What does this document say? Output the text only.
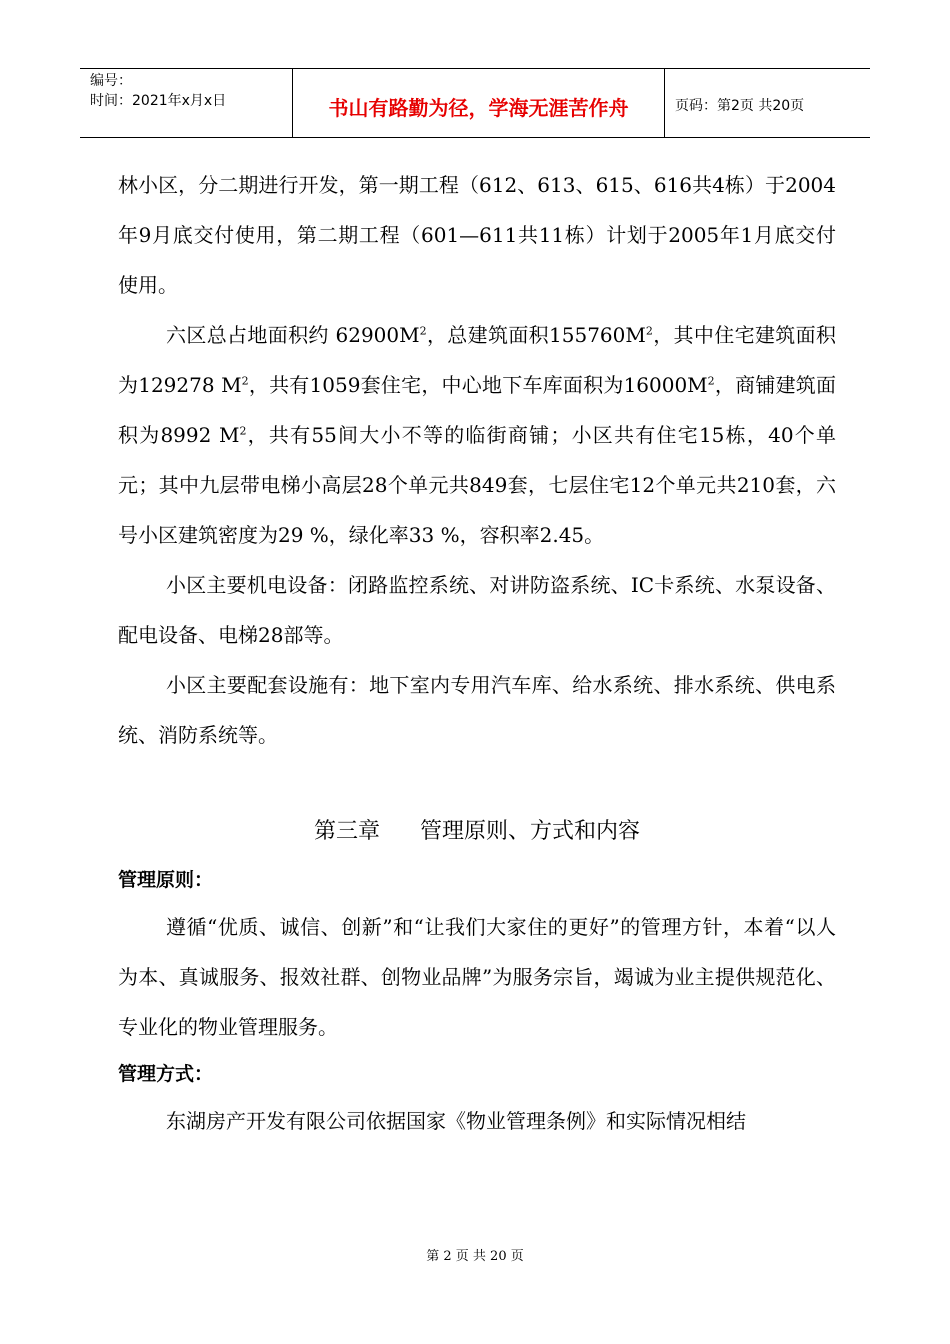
编号：
时间：2021年x月x日	书山有路勤为径，学海无涯苦作舟	页码：第2页 共20页

林小区，分二期进行开发，第一期工程（612、613、615、616共4栋）于2004年9月底交付使用，第二期工程（601—611共11栋）计划于2005年1月底交付使用。

六区总占地面积约 $62900M^2$，总建筑面积$155760M^2$，其中住宅建筑面积为129278 $M^2$，共有1059套住宅，中心地下车库面积为$16000M^2$，商铺建筑面积为8992 $M^2$，共有55间大小不等的临街商铺；小区共有住宅15栋，40个单元；其中九层带电梯小高层28个单元共849套，七层住宅12个单元共210套，六号小区建筑密度为29 %，绿化率33 %，容积率2.45。

小区主要机电设备：闭路监控系统、对讲防盗系统、IC卡系统、水泵设备、配电设备、电梯28部等。

小区主要配套设施有：地下室内专用汽车库、给水系统、排水系统、供电系统、消防系统等。

第三章 管理原则、方式和内容
管理原则：

遵循“优质、诚信、创新”和“让我们大家住的更好”的管理方针，本着“以人为本、真诚服务、报效社群、创物业品牌”为服务宗旨，竭诚为业主提供规范化、专业化的物业管理服务。

管理方式：

东湖房产开发有限公司依据国家《物业管理条例》和实际情况相结

第 2 页 共 20 页
